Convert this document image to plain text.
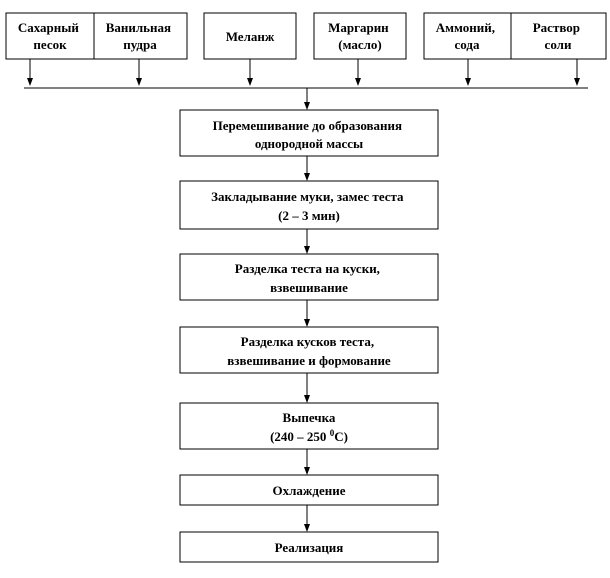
Сахарный песок
Ванильная пудра
Меланж
Маргарин (масло)
Аммоний, сода
Раствор соли
Перемешивание до образования однородной массы
Закладывание муки, замес теста (2 – 3 мин)
Разделка теста на куски, взвешивание
Разделка кусков теста, взвешивание и формование
Выпечка
(240 – 250 $^0$С)
Охлаждение
Реализация
